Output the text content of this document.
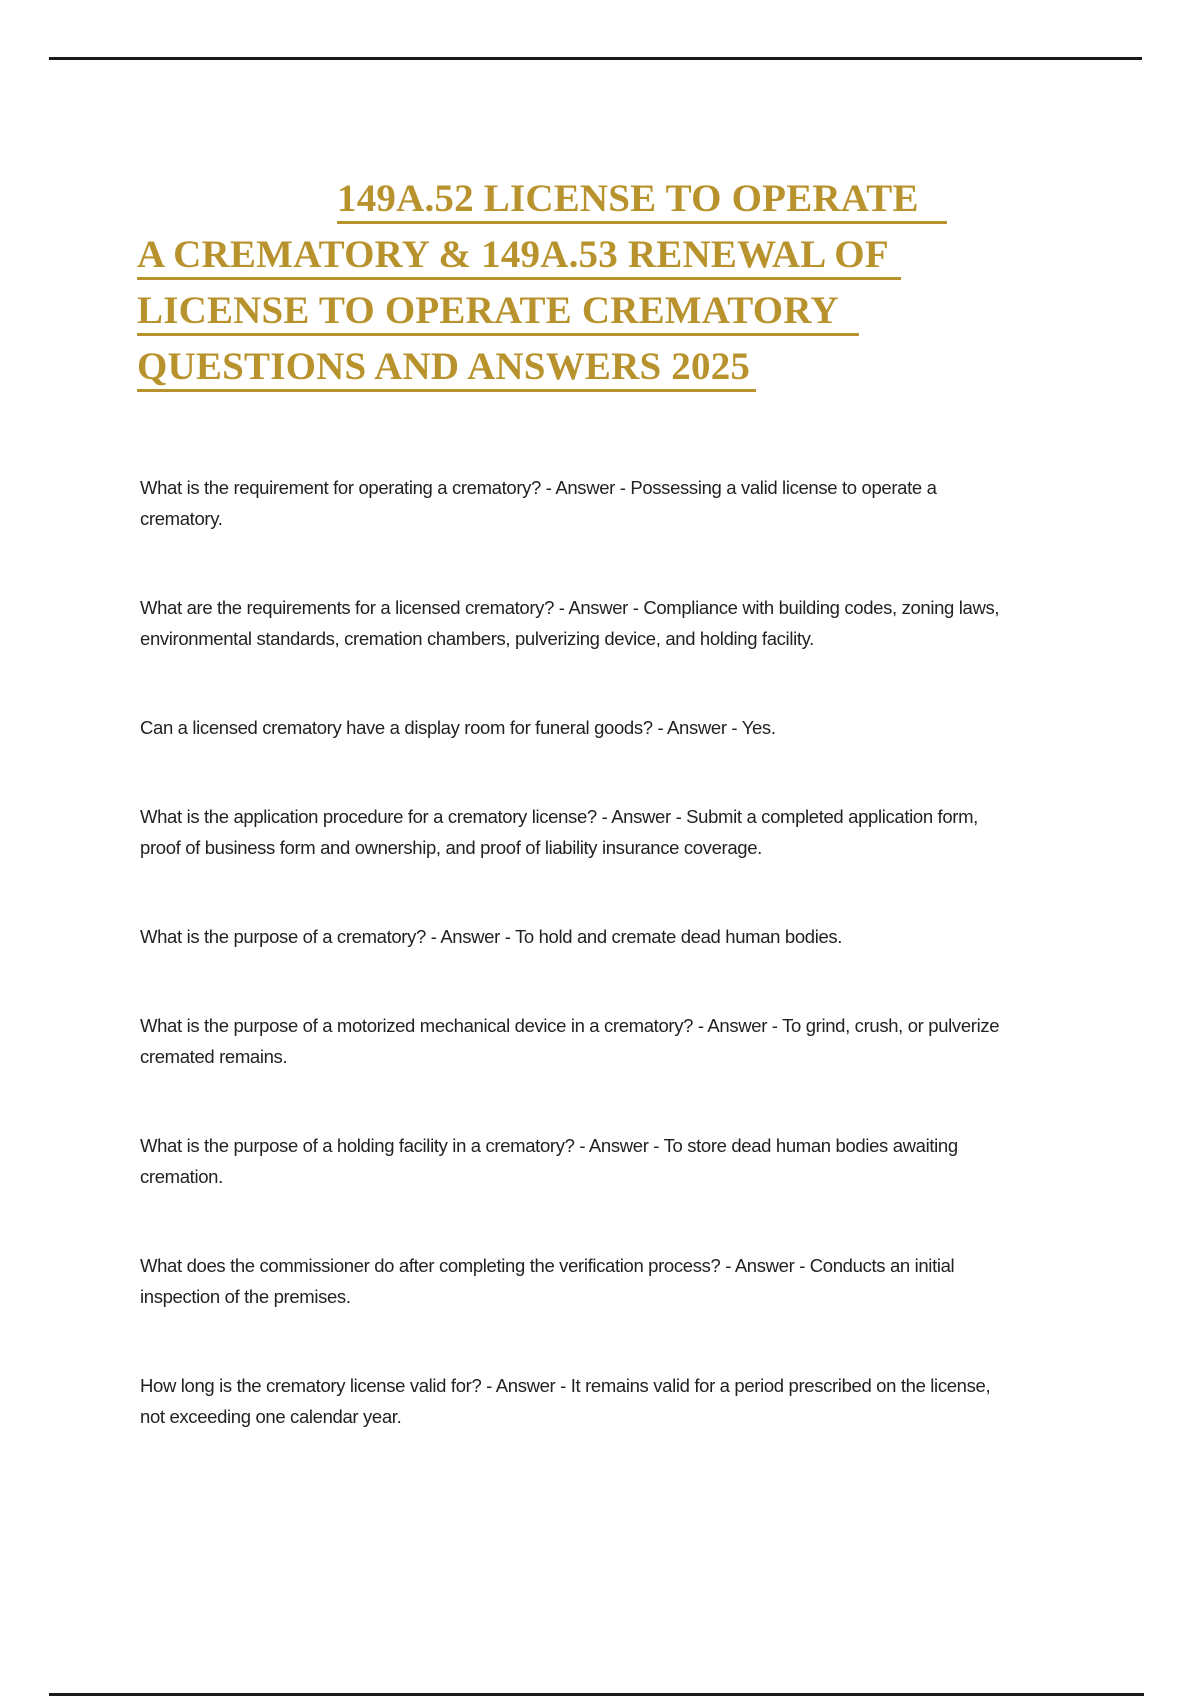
149A.52 LICENSE TO OPERATE
A CREMATORY & 149A.53 RENEWAL OF
LICENSE TO OPERATE CREMATORY
QUESTIONS AND ANSWERS 2025

What is the requirement for operating a crematory? - Answer - Possessing a valid license to operate a crematory.

What are the requirements for a licensed crematory? - Answer - Compliance with building codes, zoning laws, environmental standards, cremation chambers, pulverizing device, and holding facility.

Can a licensed crematory have a display room for funeral goods? - Answer - Yes.

What is the application procedure for a crematory license? - Answer - Submit a completed application form, proof of business form and ownership, and proof of liability insurance coverage.

What is the purpose of a crematory? - Answer - To hold and cremate dead human bodies.

What is the purpose of a motorized mechanical device in a crematory? - Answer - To grind, crush, or pulverize cremated remains.

What is the purpose of a holding facility in a crematory? - Answer - To store dead human bodies awaiting cremation.

What does the commissioner do after completing the verification process? - Answer - Conducts an initial inspection of the premises.

How long is the crematory license valid for? - Answer - It remains valid for a period prescribed on the license, not exceeding one calendar year.
